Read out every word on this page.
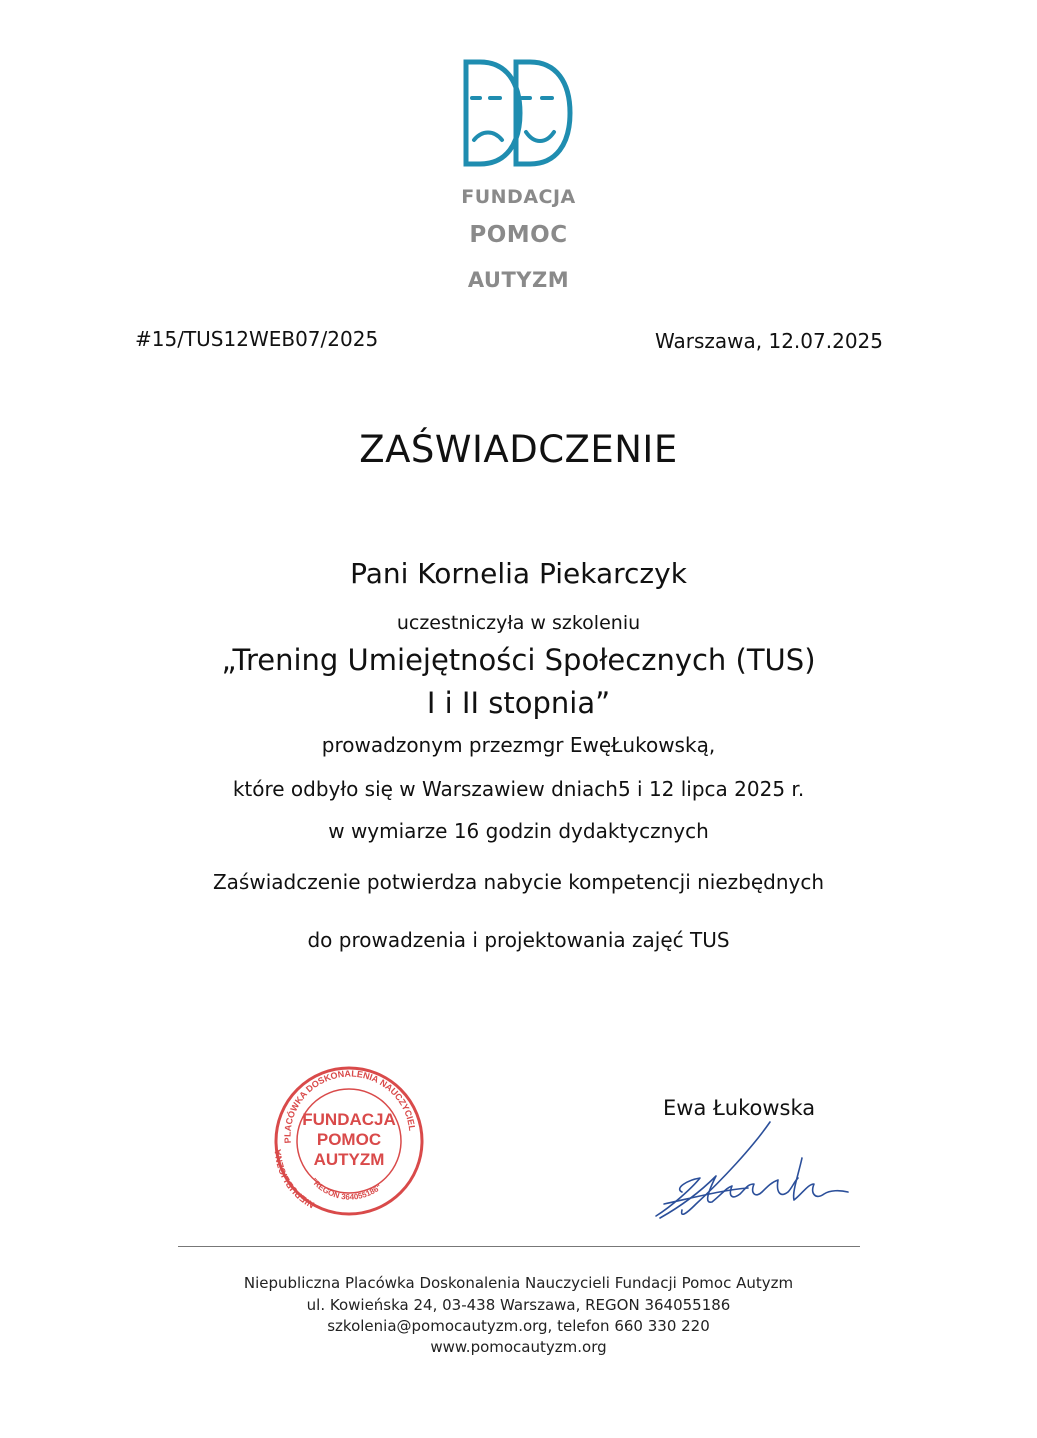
FUNDACJA
POMOC
AUTYZM
#15/TUS12WEB07/2025	Warszawa, 12.07.2025
ZAŚWIADCZENIE
Pani Kornelia Piekarczyk
uczestniczyła w szkoleniu
„Trening Umiejętności Społecznych (TUS)
I i II stopnia”
prowadzonym przezmgr EwęŁukowską,
które odbyło się w Warszawiew dniach5 i 12 lipca 2025 r.
w wymiarze 16 godzin dydaktycznych
Zaświadczenie potwierdza nabycie kompetencji niezbędnych
do prowadzenia i projektowania zajęć TUS
PLACÓWKA DOSKONALENIA NAUCZYCIEL
NIEPUBLICZNA
"REGON 364055186"
FUNDACJA
POMOC
AUTYZM
Ewa Łukowska
Niepubliczna Placówka Doskonalenia Nauczycieli Fundacji Pomoc Autyzm
ul. Kowieńska 24, 03-438 Warszawa, REGON 364055186
szkolenia@pomocautyzm.org, telefon 660 330 220
www.pomocautyzm.org
